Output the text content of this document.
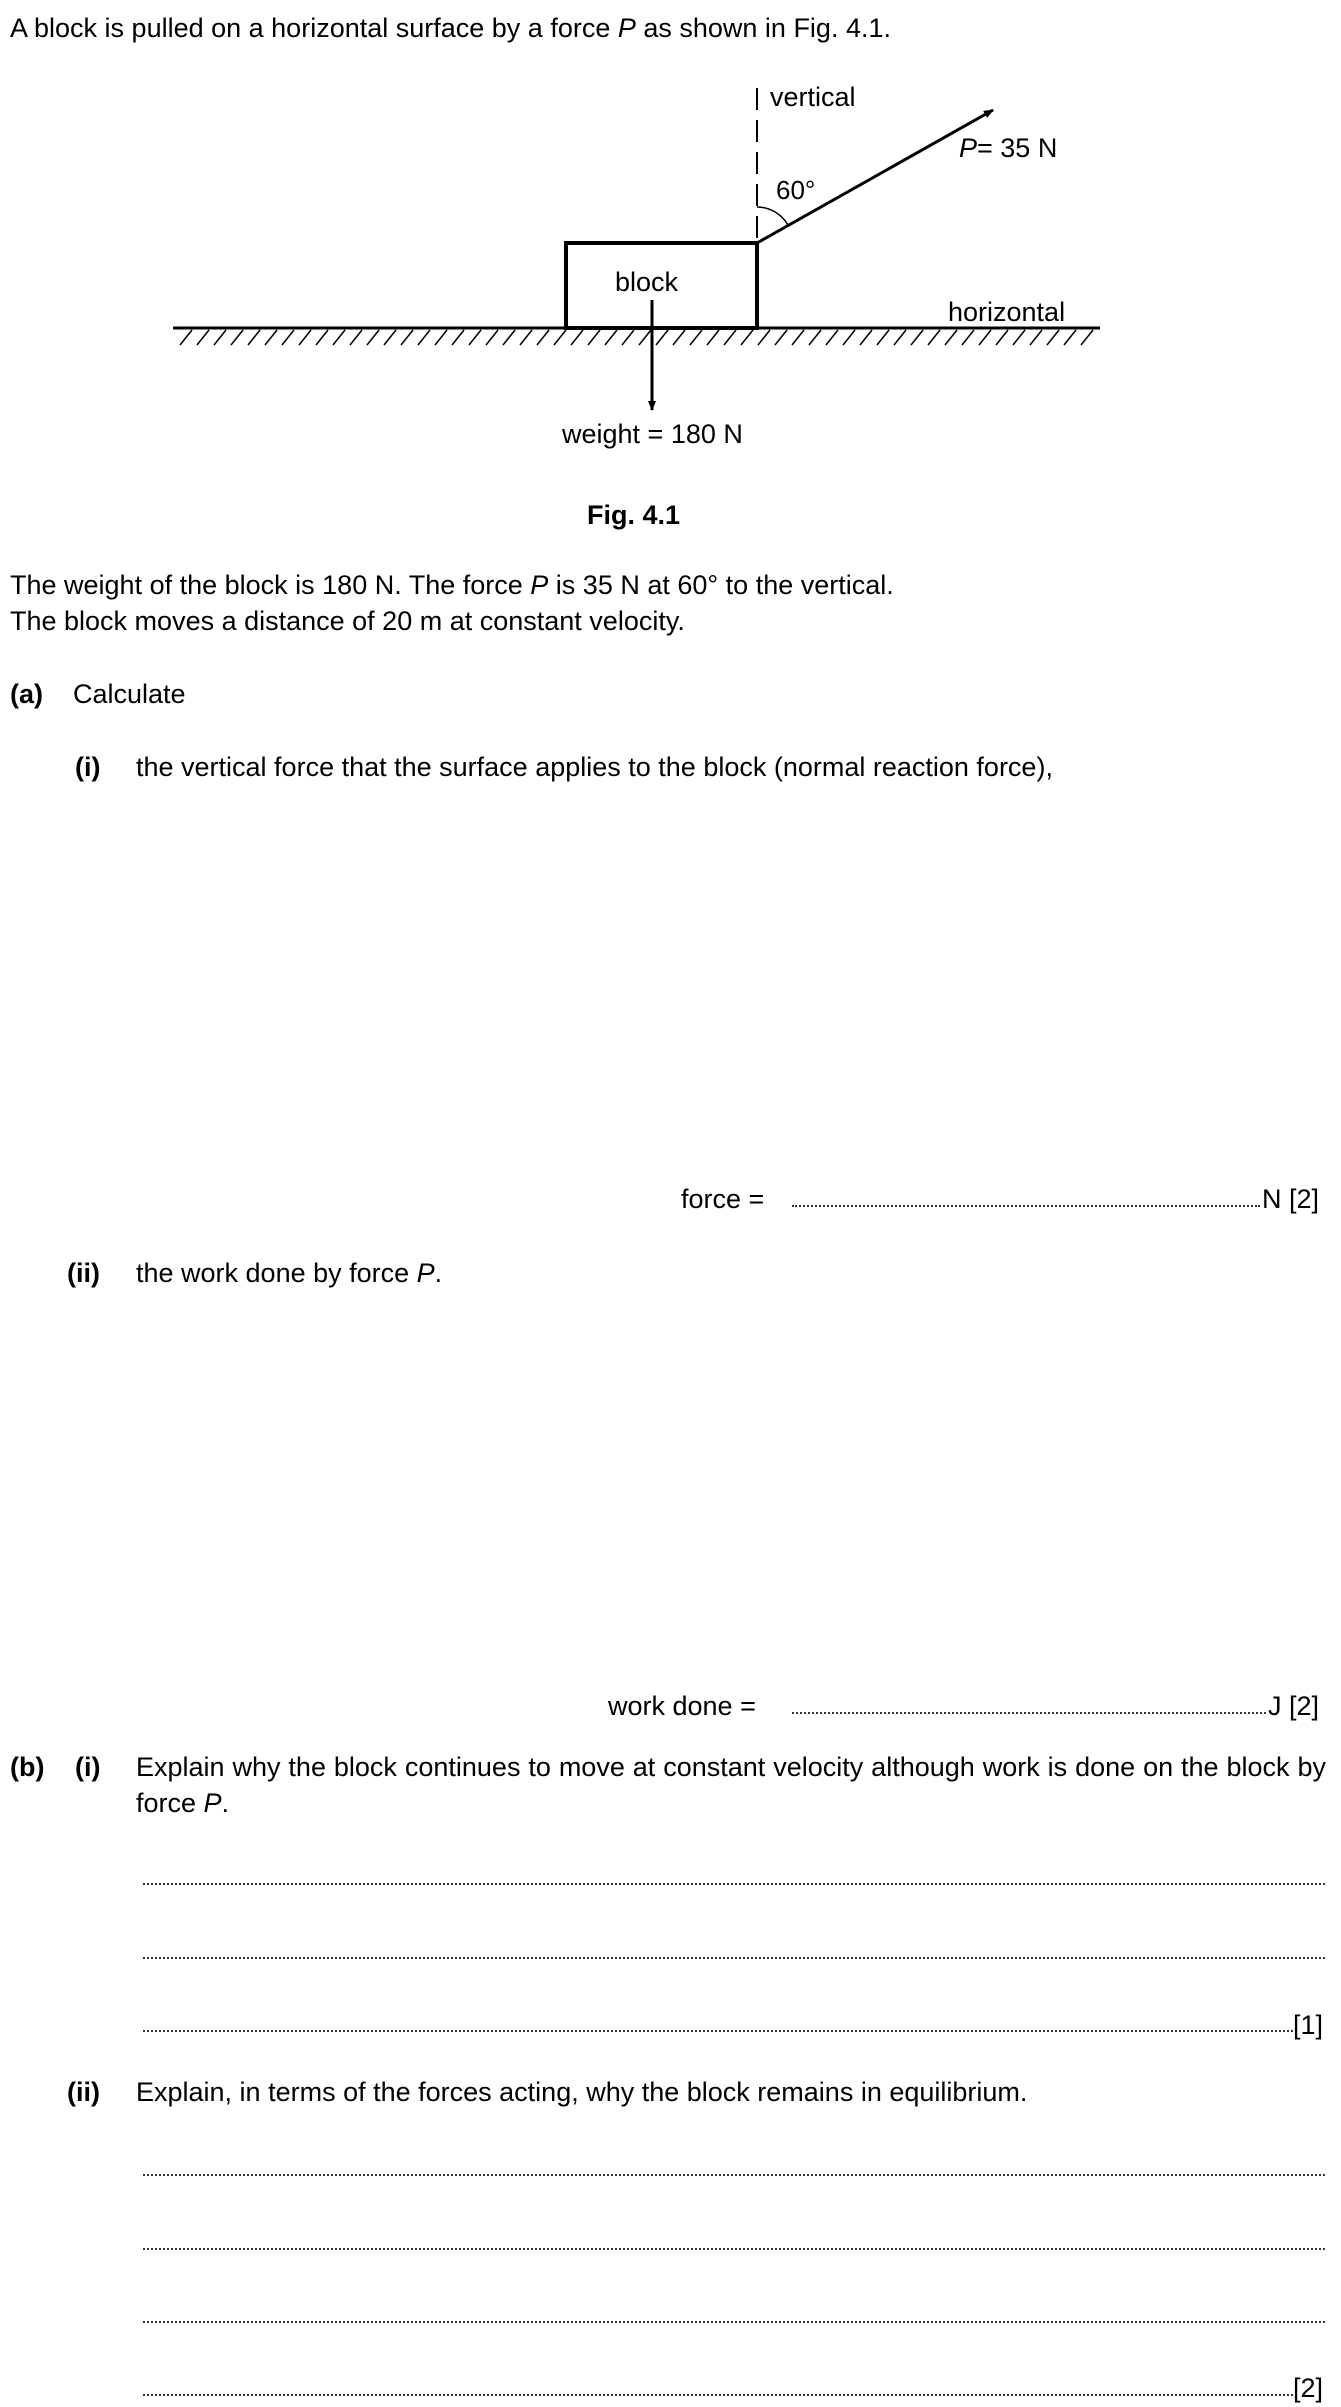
A block is pulled on a horizontal surface by a force P as shown in Fig. 4.1.
vertical
P= 35 N
60°
block
horizontal
weight = 180 N
Fig. 4.1
The weight of the block is 180 N. The force P is 35 N at 60° to the vertical.
The block moves a distance of 20 m at constant velocity.
(a) Calculate
(i) the vertical force that the surface applies to the block (normal reaction force),
force =	N [2]
(ii) the work done by force P.
work done =	J [2]
(b) (i) Explain why the block continues to move at constant velocity although work is done on the block by force P.
[1]
(ii) Explain, in terms of the forces acting, why the block remains in equilibrium.
[2]
